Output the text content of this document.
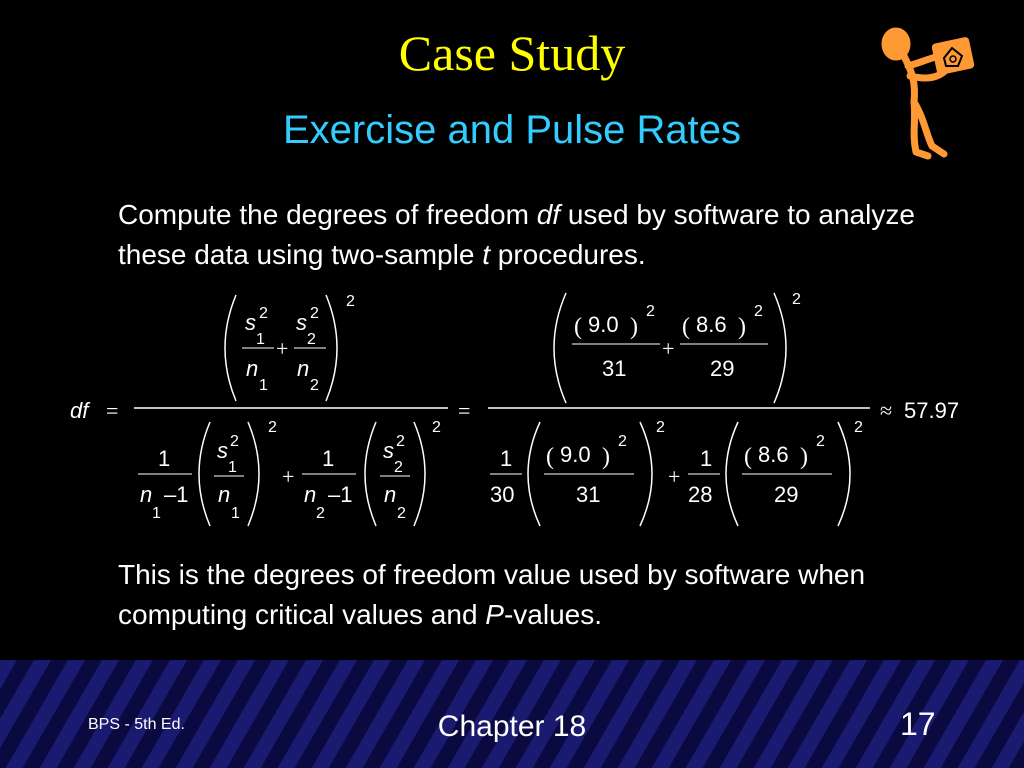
Case Study
Exercise and Pulse Rates
Compute the degrees of freedom df used by software to analyze these data using two-sample t procedures.
df =
2
s 2
1
n
1
+
s 2
2
n
2
1
n
1
–1
2
s 2
1
n
1
+
1
n
2
–1
2
s 2
2
n
2
=
2
( 9.0 )
2
31
+
( 8.6 )
2
29
1
30
2
( 9.0 )
2
31
+
1
28
2
( 8.6 )
2
29
≈ 57.97
This is the degrees of freedom value used by software when computing critical values and P-values.
BPS - 5th Ed.	Chapter 18	17
